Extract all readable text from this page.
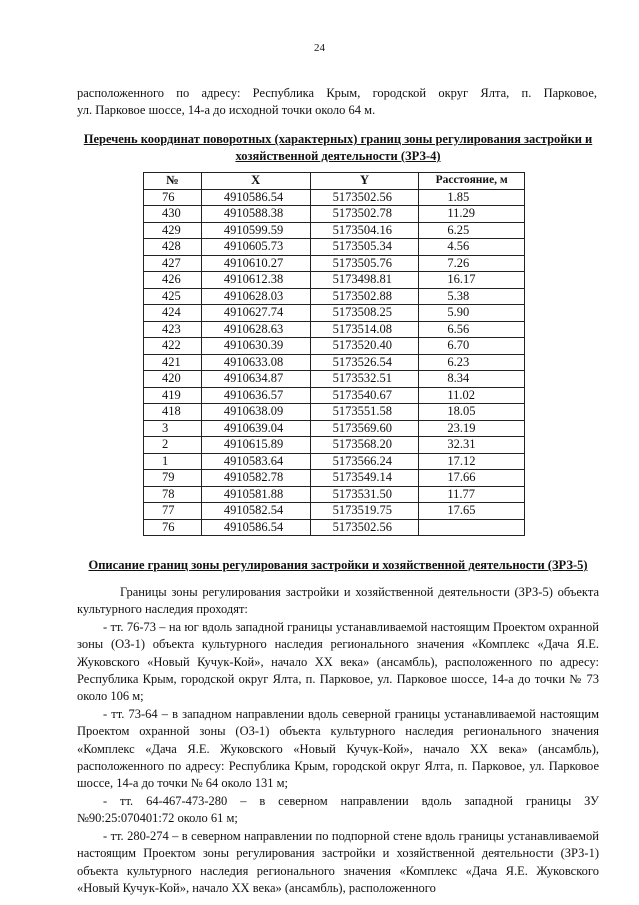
24
расположенного по адресу: Республика Крым, городской округ Ялта, п. Парковое,
ул. Парковое шоссе, 14-а до исходной точки около 64 м.
Перечень координат поворотных (характерных) границ зоны регулирования застройки и хозяйственной деятельности (ЗРЗ-4)
№	X	Y	Расстояние, м
76	4910586.54	5173502.56	1.85
430	4910588.38	5173502.78	11.29
429	4910599.59	5173504.16	6.25
428	4910605.73	5173505.34	4.56
427	4910610.27	5173505.76	7.26
426	4910612.38	5173498.81	16.17
425	4910628.03	5173502.88	5.38
424	4910627.74	5173508.25	5.90
423	4910628.63	5173514.08	6.56
422	4910630.39	5173520.40	6.70
421	4910633.08	5173526.54	6.23
420	4910634.87	5173532.51	8.34
419	4910636.57	5173540.67	11.02
418	4910638.09	5173551.58	18.05
3	4910639.04	5173569.60	23.19
2	4910615.89	5173568.20	32.31
1	4910583.64	5173566.24	17.12
79	4910582.78	5173549.14	17.66
78	4910581.88	5173531.50	11.77
77	4910582.54	5173519.75	17.65
76	4910586.54	5173502.56	
Описание границ зоны регулирования застройки и хозяйственной деятельности (ЗРЗ-5)

Границы зоны регулирования застройки и хозяйственной деятельности (ЗРЗ-5) объекта культурного наследия проходят:

- тт. 76-73 – на юг вдоль западной границы устанавливаемой настоящим Проектом охранной зоны (ОЗ-1) объекта культурного наследия регионального значения «Комплекс «Дача Я.Е. Жуковского «Новый Кучук-Кой», начало ХХ века» (ансамбль), расположенного по адресу: Республика Крым, городской округ Ялта, п. Парковое, ул. Парковое шоссе, 14-а до точки № 73 около 106 м;

- тт. 73-64 – в западном направлении вдоль северной границы устанавливаемой настоящим Проектом охранной зоны (ОЗ-1) объекта культурного наследия регионального значения «Комплекс «Дача Я.Е. Жуковского «Новый Кучук-Кой», начало ХХ века» (ансамбль), расположенного по адресу: Республика Крым, городской округ Ялта, п. Парковое, ул. Парковое шоссе, 14-а до точки № 64 около 131 м;

- тт. 64-467-473-280 – в северном направлении вдоль западной границы ЗУ №90:25:070401:72 около 61 м;

- тт. 280-274 – в северном направлении по подпорной стене вдоль границы устанавливаемой настоящим Проектом зоны регулирования застройки и хозяйственной деятельности (ЗРЗ-1) объекта культурного наследия регионального значения «Комплекс «Дача Я.Е. Жуковского «Новый Кучук-Кой», начало ХХ века» (ансамбль), расположенного
